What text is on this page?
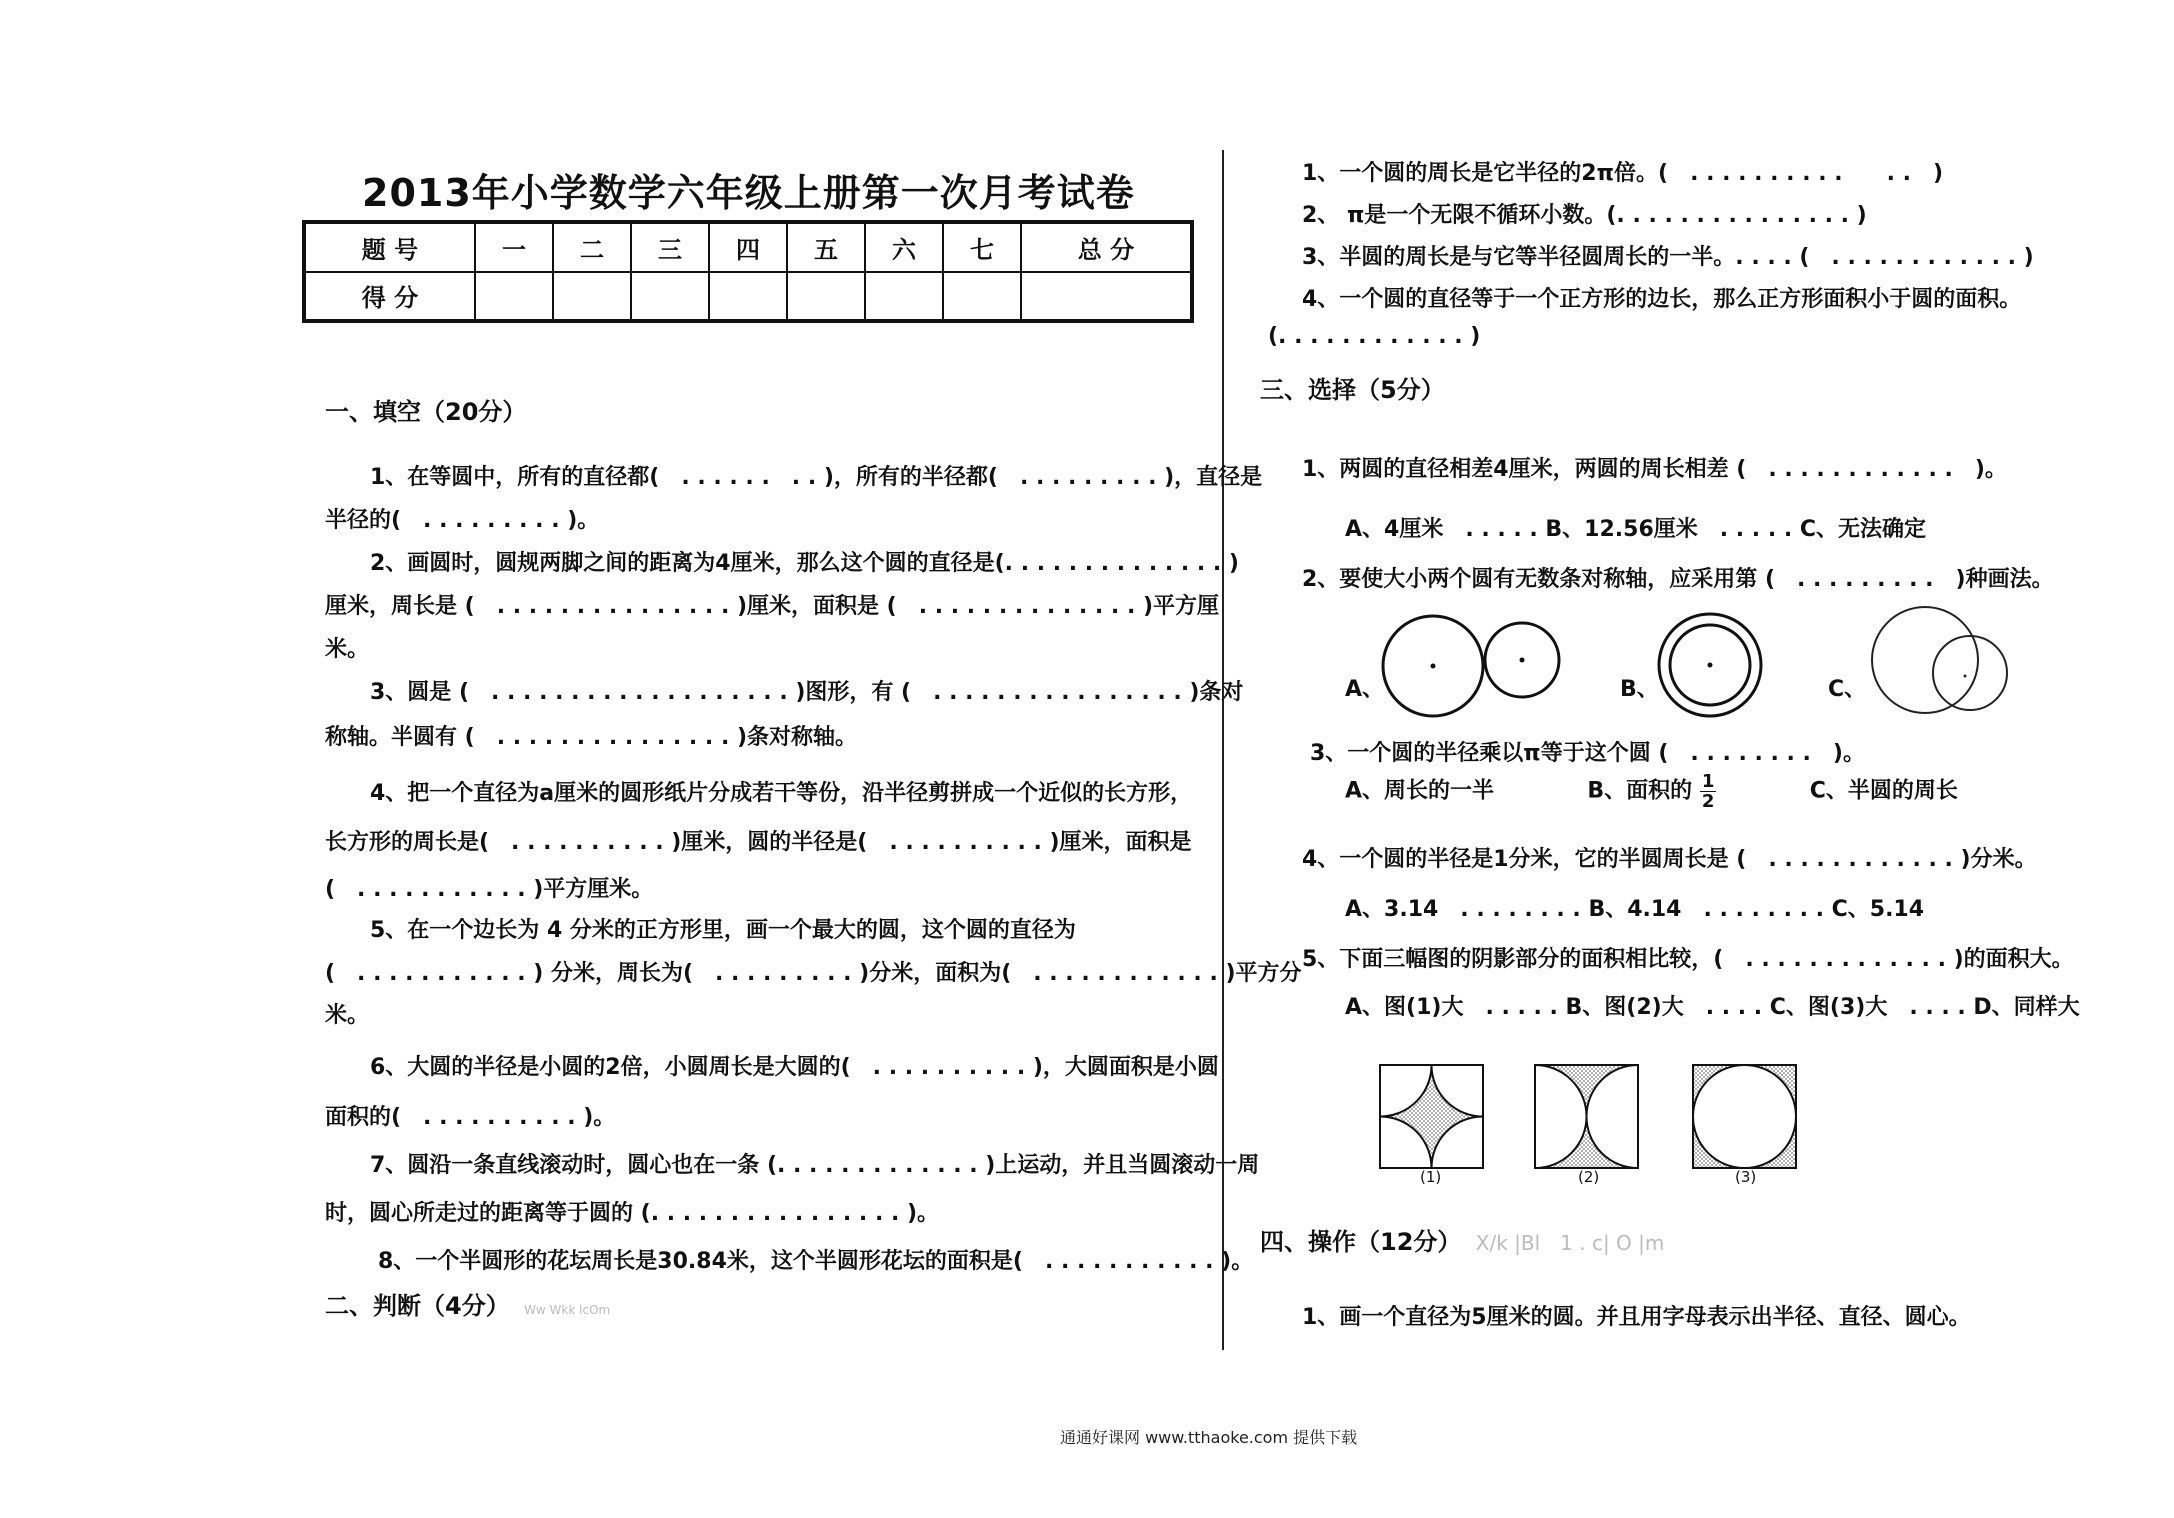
2013年小学数学六年级上册第一次月考试卷
题 号	一	二	三	四	五	六	七	总 分
得 分								
一、填空（20分）
1、在等圆中，所有的直径都(　. . . . . .　. . )，所有的半径都(　. . . . . . . . . )，直径是
半径的(　. . . . . . . . . )。
2、画圆时，圆规两脚之间的距离为4厘米，那么这个圆的直径是(. . . . . . . . . . . . . . )
厘米，周长是 (　. . . . . . . . . . . . . . . )厘米，面积是 (　. . . . . . . . . . . . . . )平方厘
米。
3、圆是 (　. . . . . . . . . . . . . . . . . . . )图形，有 (　. . . . . . . . . . . . . . . . )条对
称轴。半圆有 (　. . . . . . . . . . . . . . . )条对称轴。
4、把一个直径为a厘米的圆形纸片分成若干等份，沿半径剪拼成一个近似的长方形，
长方形的周长是(　. . . . . . . . . . )厘米，圆的半径是(　. . . . . . . . . . )厘米，面积是
(　. . . . . . . . . . . )平方厘米。
5、在一个边长为 4 分米的正方形里，画一个最大的圆，这个圆的直径为
(　. . . . . . . . . . . ) 分米，周长为(　. . . . . . . . . )分米，面积为(　. . . . . . . . . . . . )平方分
米。
6、大圆的半径是小圆的2倍，小圆周长是大圆的(　. . . . . . . . . . )，大圆面积是小圆
面积的(　. . . . . . . . . . )。
7、圆沿一条直线滚动时，圆心也在一条 (. . . . . . . . . . . . . )上运动，并且当圆滚动一周
时，圆心所走过的距离等于圆的 (. . . . . . . . . . . . . . . . )。
8、一个半圆形的花坛周长是30.84米，这个半圆形花坛的面积是(　. . . . . . . . . . . )。
二、判断（4分） Ww Wkk lcOm
1、一个圆的周长是它半径的2π倍。(　. . . . . . . . . .　　. .　)
2、 π是一个无限不循环小数。(. . . . . . . . . . . . . . . )
3、半圆的周长是与它等半径圆周长的一半。. . . . (　. . . . . . . . . . . . )
4、一个圆的直径等于一个正方形的边长，那么正方形面积小于圆的面积。
(. . . . . . . . . . . . )
三、选择（5分）
1、两圆的直径相差4厘米，两圆的周长相差 (　. . . . . . . . . . . .　)。
A、4厘米　. . . . . B、12.56厘米　. . . . . C、无法确定
2、要使大小两个圆有无数条对称轴，应采用第 (　. . . . . . . . .　)种画法。
A、	B、	C、
3、一个圆的半径乘以π等于这个圆 (　. . . . . . . .　)。
A、周长的一半	B、面积的 $\frac{1}{2}$	C、半圆的周长
4、一个圆的半径是1分米，它的半圆周长是 (　. . . . . . . . . . . . )分米。
A、3.14　. . . . . . . . B、4.14　. . . . . . . . C、5.14
5、下面三幅图的阴影部分的面积相比较，(　. . . . . . . . . . . . . )的面积大。
A、图(1)大　. . . . . B、图(2)大　. . . . C、图(3)大　. . . . D、同样大
(1)	(2)	(3)
四、操作（12分） X/k |Bl　1 . c| O |m
1、画一个直径为5厘米的圆。并且用字母表示出半径、直径、圆心。
通通好课网 www.tthaoke.com 提供下载
